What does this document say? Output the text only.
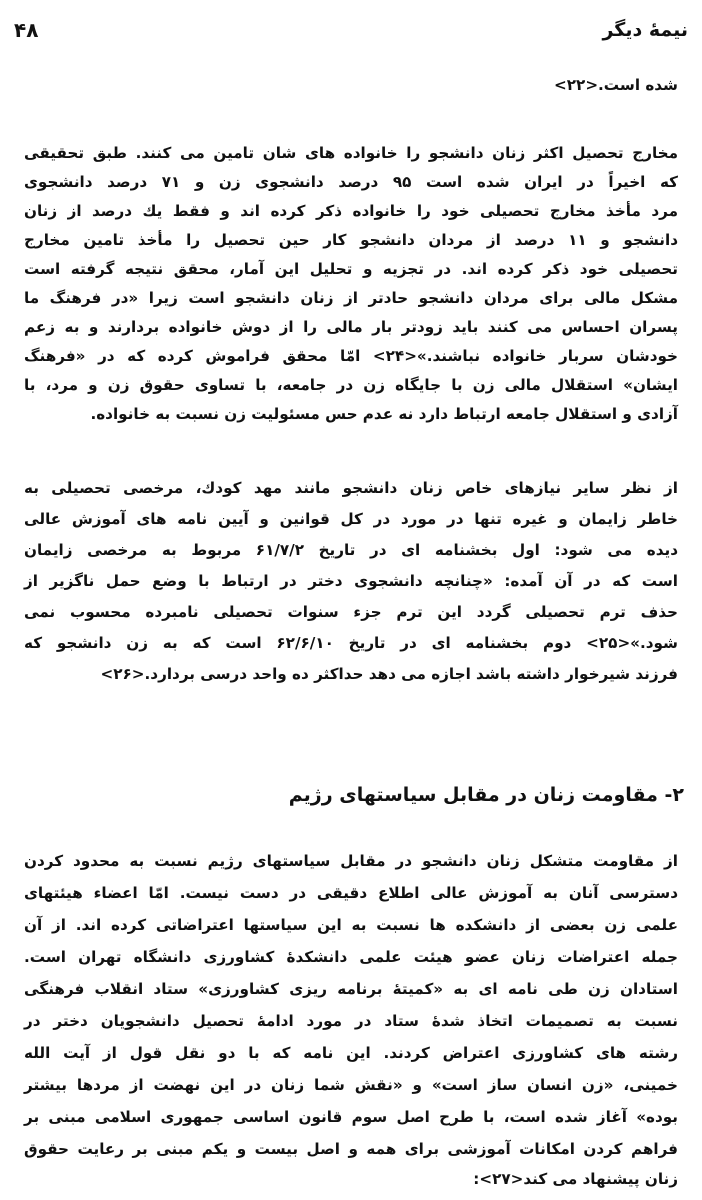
نیمهٔ دیگر
۴۸
شده است.<۲۲>
مخارج تحصیل اکثر زنان دانشجو را خانواده های شان تامین می کنند. طبق تحقیقی
که اخیراً در ایران شده است ۹۵ درصد دانشجوی زن و ۷۱ درصد دانشجوی
مرد مأخذ مخارج تحصیلی خود را خانواده ذکر کرده اند و فقط یك درصد از زنان
دانشجو و ۱۱ درصد از مردان دانشجو کار حین تحصیل را مأخذ تامین مخارج
تحصیلی خود ذکر کرده اند. در تجزیه و تحلیل این آمار، محقق نتیجه گرفته است
مشکل مالی برای مردان دانشجو حادتر از زنان دانشجو است زیرا «در فرهنگ ما
پسران احساس می کنند باید زودتر بار مالی را از دوش خانواده بردارند و به زعم
خودشان سربار خانواده نباشند.»<۲۴> امّا محقق فراموش کرده که در «فرهنگ
ایشان» استقلال مالی زن با جایگاه زن در جامعه، با تساوی حقوق زن و مرد، با
آزادی و استقلال جامعه ارتباط دارد نه عدم حس مسئولیت زن نسبت به خانواده.
از نظر سایر نیازهای خاص زنان دانشجو مانند مهد کودك، مرخصی تحصیلی به
خاطر زایمان و غیره تنها در مورد در کل قوانین و آیین نامه های آموزش عالی
دیده می شود: اول بخشنامه ای در تاریخ ۶۱/۷/۲ مربوط به مرخصی زایمان
است که در آن آمده: «چنانچه دانشجوی دختر در ارتباط با وضع حمل ناگزیر از
حذف ترم تحصیلی گردد این ترم جزء سنوات تحصیلی نامبرده محسوب نمی
شود.»<۲۵> دوم بخشنامه ای در تاریخ ۶۲/۶/۱۰ است که به زن دانشجو که
فرزند شیرخوار داشته باشد اجازه می دهد حداکثر ده واحد درسی بردارد.<۲۶>
۲- مقاومت زنان در مقابل سیاستهای رژیم
از مقاومت متشکل زنان دانشجو در مقابل سیاستهای رژیم نسبت به محدود کردن
دسترسی آنان به آموزش عالی اطلاع دقیقی در دست نیست. امّا اعضاء هیئتهای
علمی زن بعضی از دانشکده ها نسبت به این سیاستها اعتراضاتی کرده اند. از آن
جمله اعتراضات زنان عضو هیئت علمی دانشکدهٔ کشاورزی دانشگاه تهران است.
استادان زن طی نامه ای به «کمیتهٔ برنامه ریزی کشاورزی» ستاد انقلاب فرهنگی
نسبت به تصمیمات اتخاذ شدهٔ ستاد در مورد ادامهٔ تحصیل دانشجویان دختر در
رشته های کشاورزی اعتراض کردند. این نامه که با دو نقل قول از آیت الله
خمینی، «زن انسان ساز است» و «نقش شما زنان در این نهضت از مردها بیشتر
بوده» آغاز شده است، با طرح اصل سوم قانون اساسی جمهوری اسلامی مبنی بر
فراهم کردن امکانات آموزشی برای همه و اصل بیست و یکم مبنی بر رعایت حقوق
زنان پیشنهاد می کند<۲۷>:
